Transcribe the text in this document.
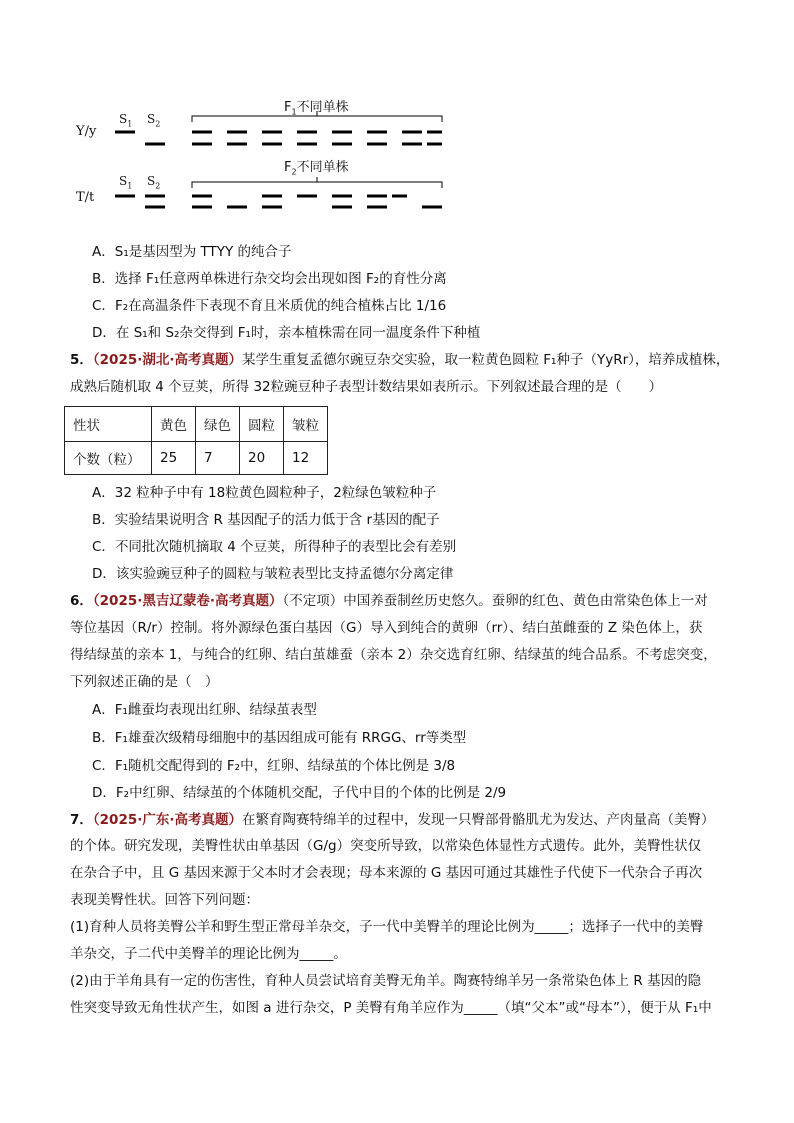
Y/y
$S_1$ $S_2$
$F_1$不同单株
T/t
$S_1$ $S_2$
$F_2$不同单株
A．S₁是基因型为 TTYY 的纯合子
B．选择 F₁任意两单株进行杂交均会出现如图 F₂的育性分离
C．F₂在高温条件下表现不育且米质优的纯合植株占比 1/16
D．在 S₁和 S₂杂交得到 F₁时，亲本植株需在同一温度条件下种植
5．（2025·湖北·高考真题）某学生重复孟德尔豌豆杂交实验，取一粒黄色圆粒 F₁种子（YyRr），培养成植株，
成熟后随机取 4 个豆荚，所得 32粒豌豆种子表型计数结果如表所示。下列叙述最合理的是（　　）
性状	黄色	绿色	圆粒	皱粒
个数（粒）	25	7	20	12
A．32 粒种子中有 18粒黄色圆粒种子，2粒绿色皱粒种子
B．实验结果说明含 R 基因配子的活力低于含 r基因的配子
C．不同批次随机摘取 4 个豆荚，所得种子的表型比会有差别
D．该实验豌豆种子的圆粒与皱粒表型比支持孟德尔分离定律
6．（2025·黑吉辽蒙卷·高考真题）（不定项）中国养蚕制丝历史悠久。蚕卵的红色、黄色由常染色体上一对
等位基因（R/r）控制。将外源绿色蛋白基因（G）导入到纯合的黄卵（rr）、结白茧雌蚕的 Z 染色体上，获
得结绿茧的亲本 1，与纯合的红卵、结白茧雄蚕（亲本 2）杂交选育红卵、结绿茧的纯合品系。不考虑突变，
下列叙述正确的是（　）
A．F₁雌蚕均表现出红卵、结绿茧表型
B．F₁雄蚕次级精母细胞中的基因组成可能有 RRGG、rr等类型
C．F₁随机交配得到的 F₂中，红卵、结绿茧的个体比例是 3/8
D．F₂中红卵、结绿茧的个体随机交配，子代中目的个体的比例是 2/9
7．（2025·广东·高考真题）在繁育陶赛特绵羊的过程中，发现一只臀部骨骼肌尤为发达、产肉量高（美臀）
的个体。研究发现，美臀性状由单基因（G/g）突变所导致，以常染色体显性方式遗传。此外，美臀性状仅
在杂合子中，且 G 基因来源于父本时才会表现；母本来源的 G 基因可通过其雄性子代使下一代杂合子再次
表现美臀性状。回答下列问题：
(1)育种人员将美臀公羊和野生型正常母羊杂交，子一代中美臀羊的理论比例为_____；选择子一代中的美臀
羊杂交，子二代中美臀羊的理论比例为_____。
(2)由于羊角具有一定的伤害性，育种人员尝试培育美臀无角羊。陶赛特绵羊另一条常染色体上 R 基因的隐
性突变导致无角性状产生，如图 a 进行杂交，P 美臀有角羊应作为_____（填“父本”或“母本”），便于从 F₁中
